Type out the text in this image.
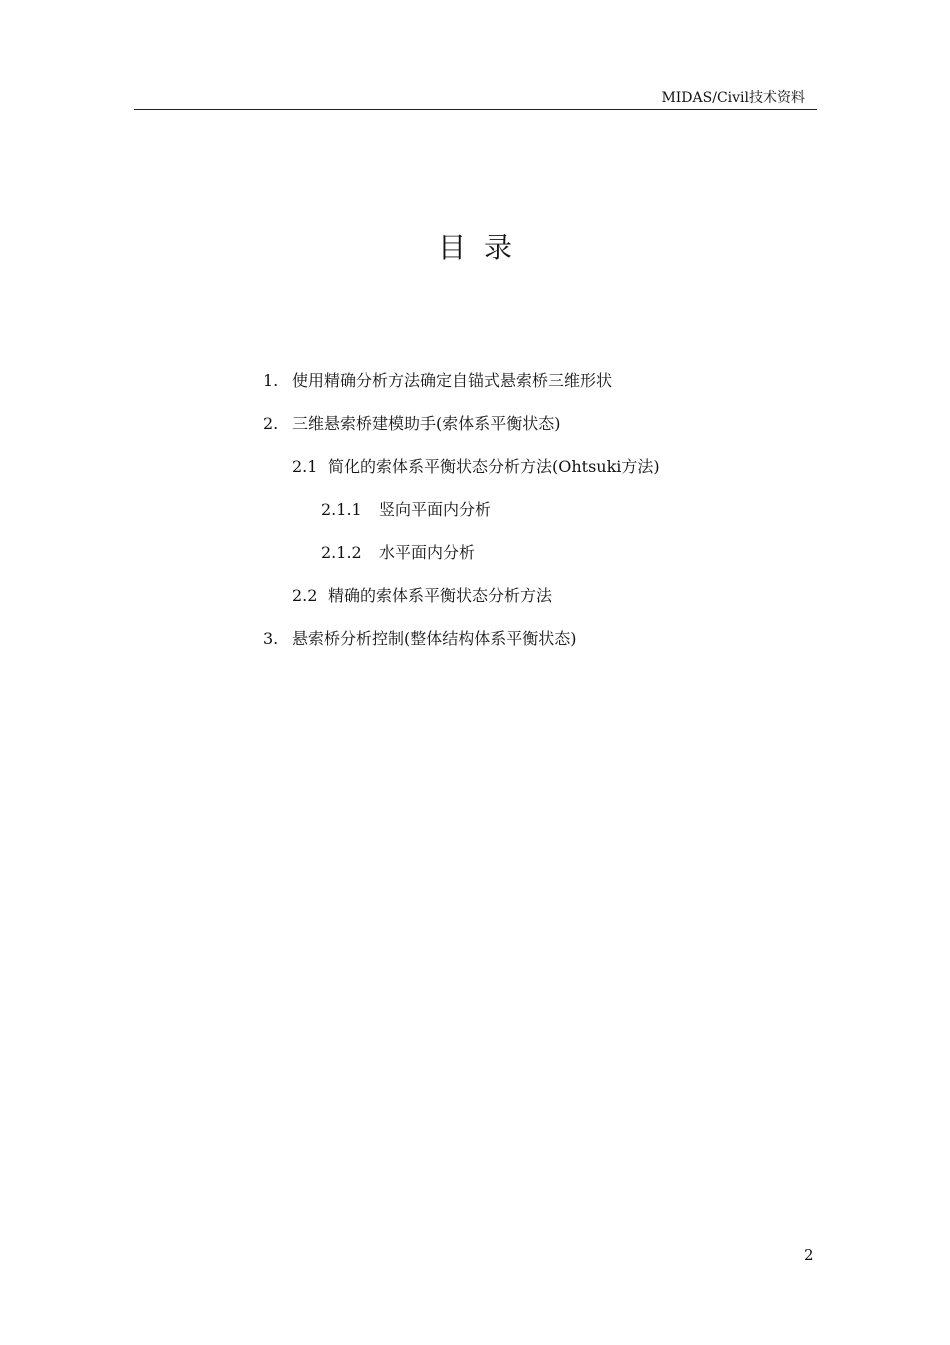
MIDAS/Civil技术资料
目录
1. 使用精确分析方法确定自锚式悬索桥三维形状
2. 三维悬索桥建模助手(索体系平衡状态)
2.1 简化的索体系平衡状态分析方法(Ohtsuki方法)
2.1.1 竖向平面内分析
2.1.2 水平面内分析
2.2 精确的索体系平衡状态分析方法
3. 悬索桥分析控制(整体结构体系平衡状态)
2
